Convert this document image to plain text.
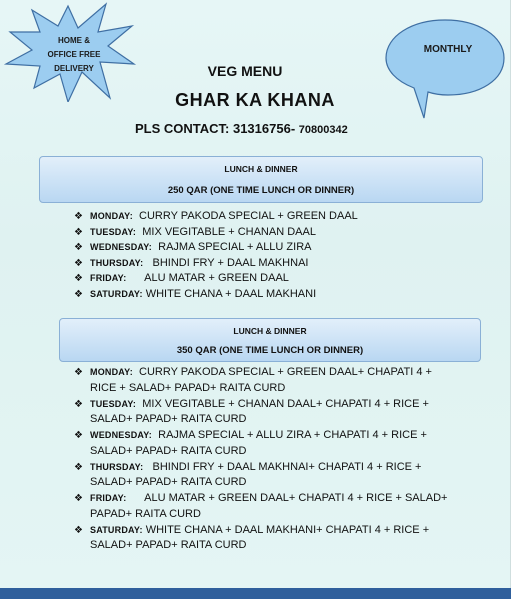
HOME &
OFFICE FREE
DELIVERY
MONTHLY
VEG MENU
GHAR KA KHANA
PLS CONTACT: 31316756- 70800342
LUNCH & DINNER
250 QAR (ONE TIME LUNCH OR DINNER)
❖ MONDAY: CURRY PAKODA SPECIAL + GREEN DAAL
❖ TUESDAY: MIX VEGITABLE + CHANAN DAAL
❖ WEDNESDAY: RAJMA SPECIAL + ALLU ZIRA
❖ THURSDAY: BHINDI FRY + DAAL MAKHNAI
❖ FRIDAY: ALU MATAR + GREEN DAAL
❖ SATURDAY: WHITE CHANA + DAAL MAKHANI
LUNCH & DINNER
350 QAR (ONE TIME LUNCH OR DINNER)
❖ MONDAY: CURRY PAKODA SPECIAL + GREEN DAAL+ CHAPATI 4 + RICE + SALAD+ PAPAD+ RAITA CURD
❖ TUESDAY: MIX VEGITABLE + CHANAN DAAL+ CHAPATI 4 + RICE + SALAD+ PAPAD+ RAITA CURD
❖ WEDNESDAY: RAJMA SPECIAL + ALLU ZIRA + CHAPATI 4 + RICE + SALAD+ PAPAD+ RAITA CURD
❖ THURSDAY: BHINDI FRY + DAAL MAKHNAI+ CHAPATI 4 + RICE + SALAD+ PAPAD+ RAITA CURD
❖ FRIDAY: ALU MATAR + GREEN DAAL+ CHAPATI 4 + RICE + SALAD+ PAPAD+ RAITA CURD
❖ SATURDAY: WHITE CHANA + DAAL MAKHANI+ CHAPATI 4 + RICE + SALAD+ PAPAD+ RAITA CURD
